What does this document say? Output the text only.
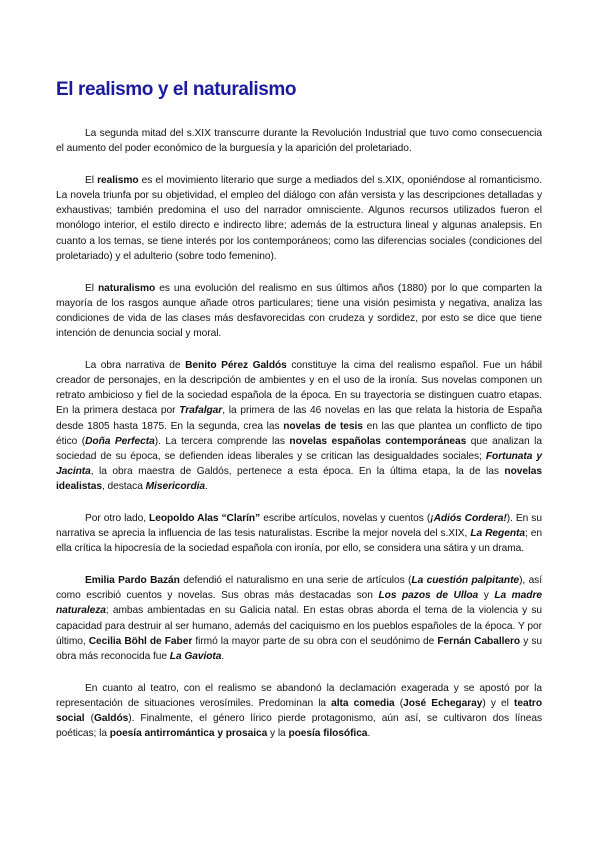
El realismo y el naturalismo

La segunda mitad del s.XIX transcurre durante la Revolución Industrial que tuvo como consecuencia el aumento del poder económico de la burguesía y la aparición del proletariado.

El realismo es el movimiento literario que surge a mediados del s.XIX, oponiéndose al romanticismo. La novela triunfa por su objetividad, el empleo del diálogo con afán versista y las descripciones detalladas y exhaustivas; también predomina el uso del narrador omnisciente. Algunos recursos utilizados fueron el monólogo interior, el estilo directo e indirecto libre; además de la estructura lineal y algunas analepsis. En cuanto a los temas, se tiene interés por los contemporáneos; como las diferencias sociales (condiciones del proletariado) y el adulterio (sobre todo femenino).

El naturalismo es una evolución del realismo en sus últimos años (1880) por lo que comparten la mayoría de los rasgos aunque añade otros particulares; tiene una visión pesimista y negativa, analiza las condiciones de vida de las clases más desfavorecidas con crudeza y sordidez, por esto se dice que tiene intención de denuncia social y moral.

La obra narrativa de Benito Pérez Galdós constituye la cima del realismo español. Fue un hábil creador de personajes, en la descripción de ambientes y en el uso de la ironía. Sus novelas componen un retrato ambicioso y fiel de la sociedad española de la época. En su trayectoria se distinguen cuatro etapas. En la primera destaca por Trafalgar, la primera de las 46 novelas en las que relata la historia de España desde 1805 hasta 1875. En la segunda, crea las novelas de tesis en las que plantea un conflicto de tipo ético (Doña Perfecta). La tercera comprende las novelas españolas contemporáneas que analizan la sociedad de su época, se defienden ideas liberales y se critican las desigualdades sociales; Fortunata y Jacinta, la obra maestra de Galdós, pertenece a esta época. En la última etapa, la de las novelas idealistas, destaca Misericordia.

Por otro lado, Leopoldo Alas “Clarín” escribe artículos, novelas y cuentos (¡Adiós Cordera!). En su narrativa se aprecia la influencia de las tesis naturalistas. Escribe la mejor novela del s.XIX, La Regenta; en ella crítica la hipocresía de la sociedad española con ironía, por ello, se considera una sátira y un drama.

Emilia Pardo Bazán defendió el naturalismo en una serie de artículos (La cuestión palpitante), así como escribió cuentos y novelas. Sus obras más destacadas son Los pazos de Ulloa y La madre naturaleza; ambas ambientadas en su Galicia natal. En estas obras aborda el tema de la violencia y su capacidad para destruir al ser humano, además del caciquismo en los pueblos españoles de la época. Y por último, Cecilia Böhl de Faber firmó la mayor parte de su obra con el seudónimo de Fernán Caballero y su obra más reconocida fue La Gaviota.

En cuanto al teatro, con el realismo se abandonó la declamación exagerada y se apostó por la representación de situaciones verosímiles. Predominan la alta comedia (José Echegaray) y el teatro social (Galdós). Finalmente, el género lírico pierde protagonismo, aún así, se cultivaron dos líneas poéticas; la poesía antirromántica y prosaica y la poesía filosófica.
